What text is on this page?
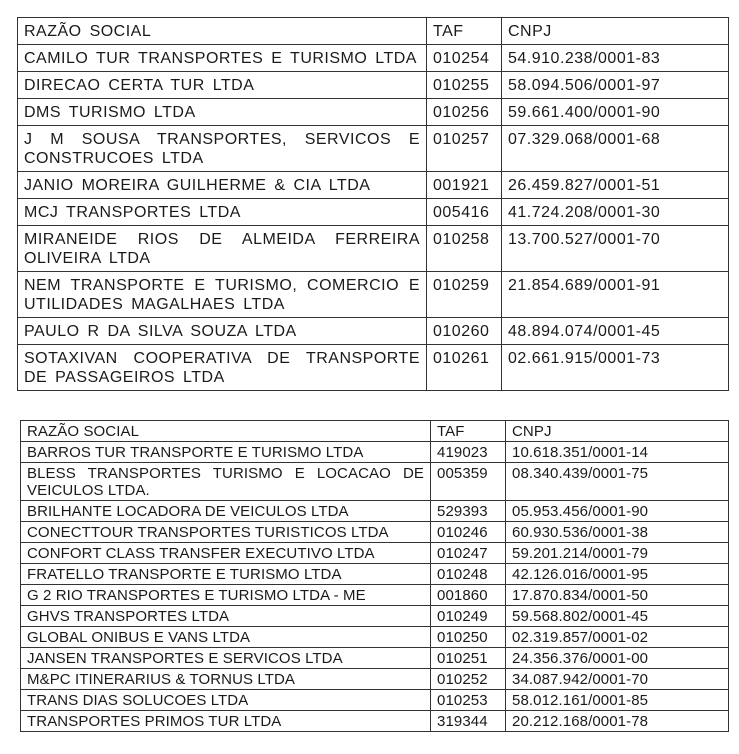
RAZÃO SOCIAL	TAF	CNPJ
CAMILO TUR TRANSPORTES E TURISMO LTDA	010254	54.910.238/0001-83
DIRECAO CERTA TUR LTDA	010255	58.094.506/0001-97
DMS TURISMO LTDA	010256	59.661.400/0001-90
J M SOUSA TRANSPORTES, SERVICOS E CONSTRUCOES LTDA	010257	07.329.068/0001-68
JANIO MOREIRA GUILHERME & CIA LTDA	001921	26.459.827/0001-51
MCJ TRANSPORTES LTDA	005416	41.724.208/0001-30
MIRANEIDE RIOS DE ALMEIDA FERREIRA OLIVEIRA LTDA	010258	13.700.527/0001-70
NEM TRANSPORTE E TURISMO, COMERCIO E UTILIDADES MAGALHAES LTDA	010259	21.854.689/0001-91
PAULO R DA SILVA SOUZA LTDA	010260	48.894.074/0001-45
SOTAXIVAN COOPERATIVA DE TRANSPORTE DE PASSAGEIROS LTDA	010261	02.661.915/0001-73
RAZÃO SOCIAL	TAF	CNPJ
BARROS TUR TRANSPORTE E TURISMO LTDA	419023	10.618.351/0001-14
BLESS TRANSPORTES TURISMO E LOCACAO DE VEICULOS LTDA.	005359	08.340.439/0001-75
BRILHANTE LOCADORA DE VEICULOS LTDA	529393	05.953.456/0001-90
CONECTTOUR TRANSPORTES TURISTICOS LTDA	010246	60.930.536/0001-38
CONFORT CLASS TRANSFER EXECUTIVO LTDA	010247	59.201.214/0001-79
FRATELLO TRANSPORTE E TURISMO LTDA	010248	42.126.016/0001-95
G 2 RIO TRANSPORTES E TURISMO LTDA - ME	001860	17.870.834/0001-50
GHVS TRANSPORTES LTDA	010249	59.568.802/0001-45
GLOBAL ONIBUS E VANS LTDA	010250	02.319.857/0001-02
JANSEN TRANSPORTES E SERVICOS LTDA	010251	24.356.376/0001-00
M&PC ITINERARIUS & TORNUS LTDA	010252	34.087.942/0001-70
TRANS DIAS SOLUCOES LTDA	010253	58.012.161/0001-85
TRANSPORTES PRIMOS TUR LTDA	319344	20.212.168/0001-78
